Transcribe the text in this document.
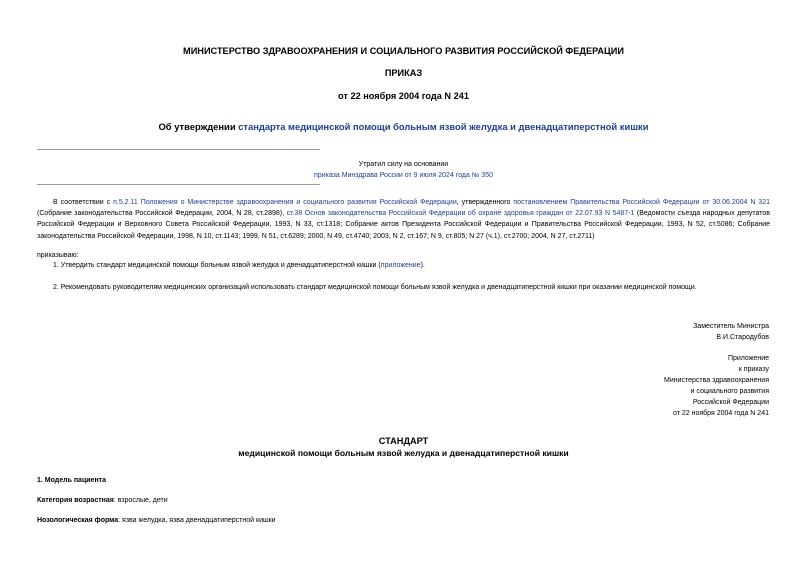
МИНИСТЕРСТВО ЗДРАВООХРАНЕНИЯ И СОЦИАЛЬНОГО РАЗВИТИЯ РОССИЙСКОЙ ФЕДЕРАЦИИ
ПРИКАЗ
от 22 ноября 2004 года N 241
Об утверждении стандарта медицинской помощи больным язвой желудка и двенадцатиперстной кишки
Утратил силу на основании
приказа Минздрава России от 9 июля 2024 года № 350
В соответствии с п.5.2.11 Положения о Министерстве здравоохранения и социального развития Российской Федерации, утвержденного постановлением Правительства Российской Федерации от 30.06.2004 N 321 (Собрание законодательства Российской Федерации, 2004, N 28, ст.2898), ст.38 Основ законодательства Российской Федерации об охране здоровья граждан от 22.07.93 N 5487-1 (Ведомости съезда народных депутатов Российской Федерации и Верховного Совета Российской Федерации, 1993, N 33, ст.1318; Собрание актов Президента Российской Федерации и Правительства Российской Федерации, 1993, N 52, ст.5086; Собрание законодательства Российской Федерации, 1998, N 10, ст.1143; 1999, N 51, ст.6289; 2000, N 49, ст.4740; 2003, N 2, ст.167; N 9, ст.805; N 27 (ч.1), ст.2700; 2004, N 27, ст.2711)
приказываю:
1. Утвердить стандарт медицинской помощи больным язвой желудка и двенадцатиперстной кишки (приложение).
2. Рекомендовать руководителям медицинских организаций использовать стандарт медицинской помощи больным язвой желудка и двенадцатиперстной кишки при оказании медицинской помощи.
Заместитель Министра
В.И.Стародубов
Приложение
к приказу
Министерства здравоохранения
и социального развития
Российской Федерации
от 22 ноября 2004 года N 241
СТАНДАРТ
медицинской помощи больным язвой желудка и двенадцатиперстной кишки
1. Модель пациента
Категория возрастная: взрослые, дети
Нозологическая форма: язва желудка, язва двенадцатиперстной кишки
